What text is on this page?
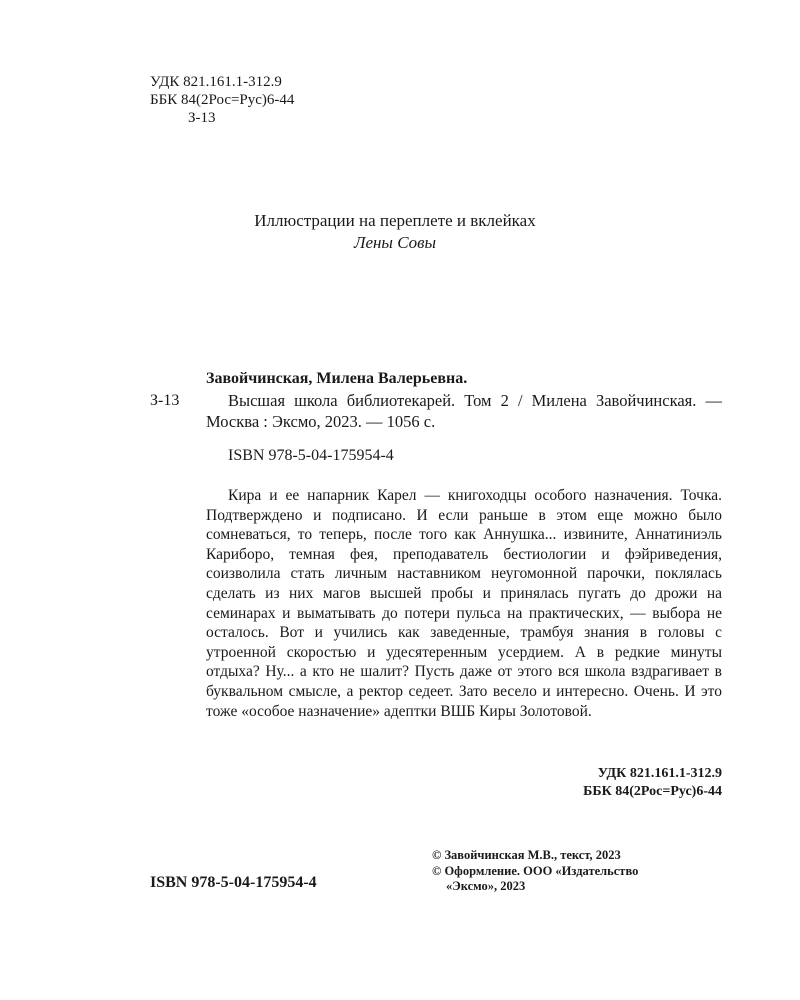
УДК 821.161.1-312.9
ББК 84(2Рос=Рус)6-44
З-13
Иллюстрации на переплете и вклейках
Лены Совы
З-13
Завойчинская, Милена Валерьевна.
Высшая школа библиотекарей. Том 2 / Милена Завойчинская. — Москва : Эксмо, 2023. — 1056 с.
ISBN 978-5-04-175954-4
Кира и ее напарник Карел — книгоходцы особого назначения. Точка. Подтверждено и подписано. И если раньше в этом еще можно было сомневаться, то теперь, после того как Аннушка... извините, Аннатиниэль Кариборо, темная фея, преподаватель бестиологии и фэйриведения, соизволила стать личным наставником неугомонной парочки, поклялась сделать из них магов высшей пробы и принялась пугать до дрожи на семинарах и выматывать до потери пульса на практических, — выбора не осталось. Вот и учились как заведенные, трамбуя знания в головы с утроенной скоростью и удесятеренным усердием. А в редкие минуты отдыха? Ну... а кто не шалит? Пусть даже от этого вся школа вздрагивает в буквальном смысле, а ректор седеет. Зато весело и интересно. Очень. И это тоже «особое назначение» адептки ВШБ Киры Золотовой.
УДК 821.161.1-312.9
ББК 84(2Рос=Рус)6-44
ISBN 978-5-04-175954-4
© Завойчинская М.В., текст, 2023
© Оформление. ООО «Издательство
«Эксмо», 2023
